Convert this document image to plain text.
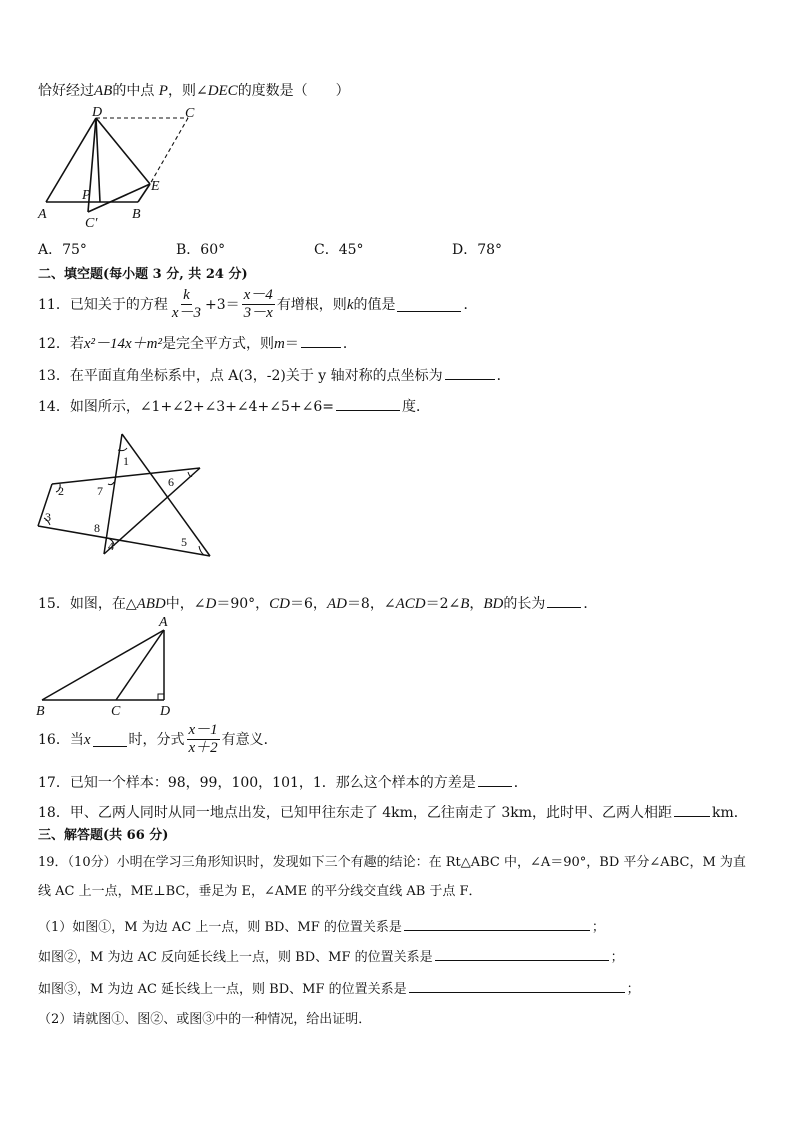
恰好经过AB的中点 P，则∠DEC的度数是（　　）
D	C
P
E
A
C′
B
A．75°	B．60°	C．45°	D．78°
二、填空题(每小题 3 分, 共 24 分)
11．已知关于的方程 $\frac{k}{x-3} +3= \frac{x-4}{3-x}$ 有增根，则 k 的值是	．
12．若x²－14x＋m²是完全平方式，则m＝	．
13．在平面直角坐标系中，点 A(3，-2)关于 y 轴对称的点坐标为	．
14．如图所示，∠1+∠2+∠3+∠4+∠5+∠6=	度．
1
2
3
4	5
6
7
8
15．如图，在△ABD中，∠D＝90°，CD＝6，AD＝8，∠ACD＝2∠B，BD的长为	．
A
B	C	D
16．当 x	时，分式 $\frac{x-1}{x+2}$ 有意义．
17．已知一个样本：98，99，100，101，1．那么这个样本的方差是	．
18．甲、乙两人同时从同一地点出发，已知甲往东走了 4km，乙往南走了 3km，此时甲、乙两人相距	km．
三、解答题(共 66 分)
19．（10分）小明在学习三角形知识时，发现如下三个有趣的结论：在 Rt△ABC 中，∠A＝90°，BD 平分∠ABC，M 为直
线 AC 上一点，ME⊥BC，垂足为 E，∠AME 的平分线交直线 AB 于点 F．
（1）如图①，M 为边 AC 上一点，则 BD、MF 的位置关系是	；
如图②，M 为边 AC 反向延长线上一点，则 BD、MF 的位置关系是	；
如图③，M 为边 AC 延长线上一点，则 BD、MF 的位置关系是	；
（2）请就图①、图②、或图③中的一种情况，给出证明．
